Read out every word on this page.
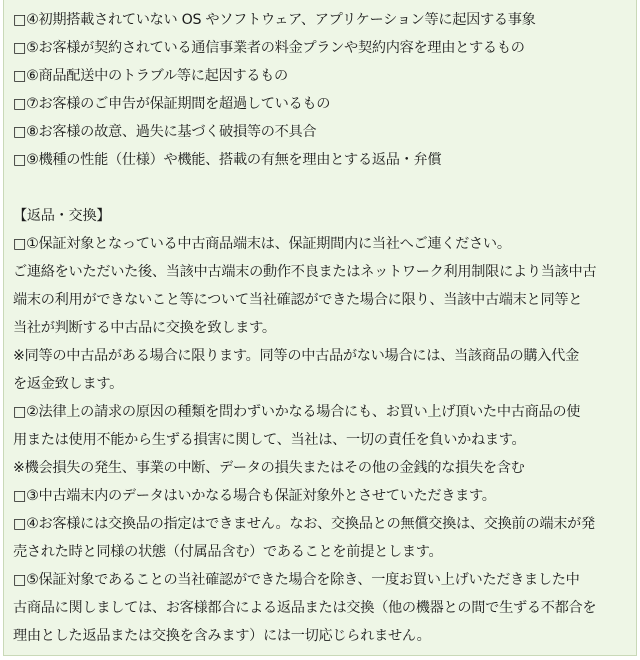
□④初期搭載されていない OS やソフトウェア、アプリケーション等に起因する事象
□⑤お客様が契約されている通信事業者の料金プランや契約内容を理由とするもの
□⑥商品配送中のトラブル等に起因するもの
□⑦お客様のご申告が保証期間を超過しているもの
□⑧お客様の故意、過失に基づく破損等の不具合
□⑨機種の性能（仕様）や機能、搭載の有無を理由とする返品・弁償
【返品・交換】
□①保証対象となっている中古商品端末は、保証期間内に当社へご連ください。
ご連絡をいただいた後、当該中古端末の動作不良またはネットワーク利用制限により当該中古
端末の利用ができないこと等について当社確認ができた場合に限り、当該中古端末と同等と
当社が判断する中古品に交換を致します。
※同等の中古品がある場合に限ります。同等の中古品がない場合には、当該商品の購入代金
を返金致します。
□②法律上の請求の原因の種類を問わずいかなる場合にも、お買い上げ頂いた中古商品の使
用または使用不能から生ずる損害に関して、当社は、一切の責任を負いかねます。
※機会損失の発生、事業の中断、データの損失またはその他の金銭的な損失を含む
□③中古端末内のデータはいかなる場合も保証対象外とさせていただきます。
□④お客様には交換品の指定はできません。なお、交換品との無償交換は、交換前の端末が発
売された時と同様の状態（付属品含む）であることを前提とします。
□⑤保証対象であることの当社確認ができた場合を除き、一度お買い上げいただきました中
古商品に関しましては、お客様都合による返品または交換（他の機器との間で生ずる不都合を
理由とした返品または交換を含みます）には一切応じられません。
